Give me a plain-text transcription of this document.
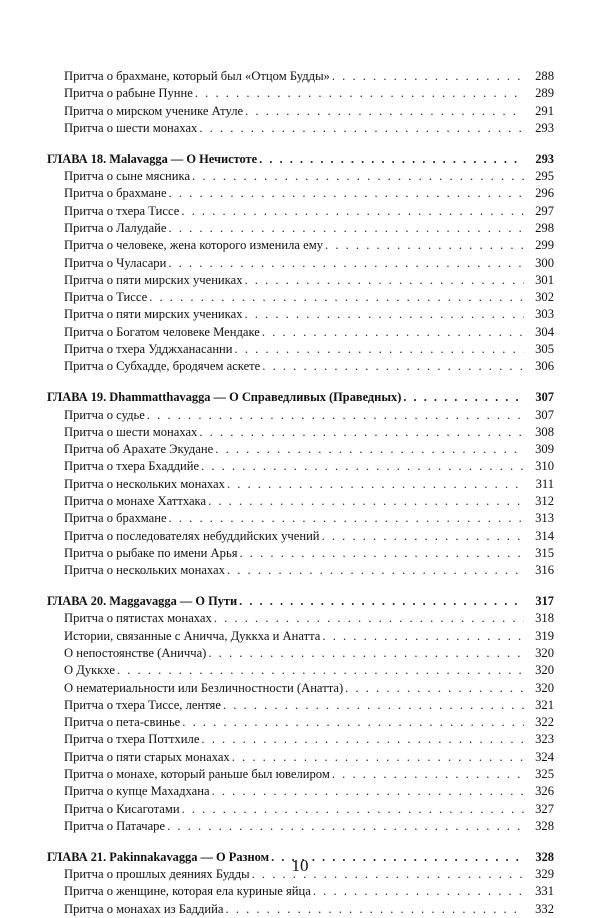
Притча о брахмане, который был «Отцом Будды» . . .	288
Притча о рабыне Пунне . . .	289
Притча о мирском ученике Атуле . . .	291
Притча о шести монахах . . .	293
ГЛАВА 18. Malavagga — О Нечистоте . . .	293
Притча о сыне мясника . . .	295
Притча о брахмане . . .	296
Притча о тхера Тиссе . . .	297
Притча о Лалудайе . . .	298
Притча о человеке, жена которого изменила ему . . .	299
Притча о Чуласари . . .	300
Притча о пяти мирских учениках . . .	301
Притча о Тиссе . . .	302
Притча о пяти мирских учениках . . .	303
Притча о Богатом человеке Мендаке . . .	304
Притча о тхера Удджханасанни . . .	305
Притча о Субхадде, бродячем аскете . . .	306
ГЛАВА 19. Dhammatthavagga — О Справедливых (Праведных) . . .	307
Притча о судье . . .	307
Притча о шести монахах . . .	308
Притча об Арахате Экудане . . .	309
Притча о тхера Бхаддийе . . .	310
Притча о нескольких монахах . . .	311
Притча о монахе Хаттхака . . .	312
Притча о брахмане . . .	313
Притча о последователях небуддийских учений . . .	314
Притча о рыбаке по имени Арья . . .	315
Притча о нескольких монахах . . .	316
ГЛАВА 20. Maggavagga — О Пути . . .	317
Притча о пятистах монахах . . .	318
Истории, связанные с Аничча, Дуккха и Анатта . . .	319
О непостоянстве (Аничча) . . .	320
О Дуккхе . . .	320
О нематериальности или Безличностности (Анатта) . . .	320
Притча о тхера Тиссе, лентяе . . .	321
Притча о пета-свинье . . .	322
Притча о тхера Поттхиле . . .	323
Притча о пяти старых монахах . . .	324
Притча о монахе, который раньше был ювелиром . . .	325
Притча о купце Махадхана . . .	326
Притча о Кисаготами . . .	327
Притча о Патачаре . . .	328
ГЛАВА 21. Pakinnakavagga — О Разном . . .	328
Притча о прошлых деяниях Будды . . .	329
Притча о женщине, которая ела куриные яйца . . .	331
Притча о монахах из Баддийа . . .	332
10
